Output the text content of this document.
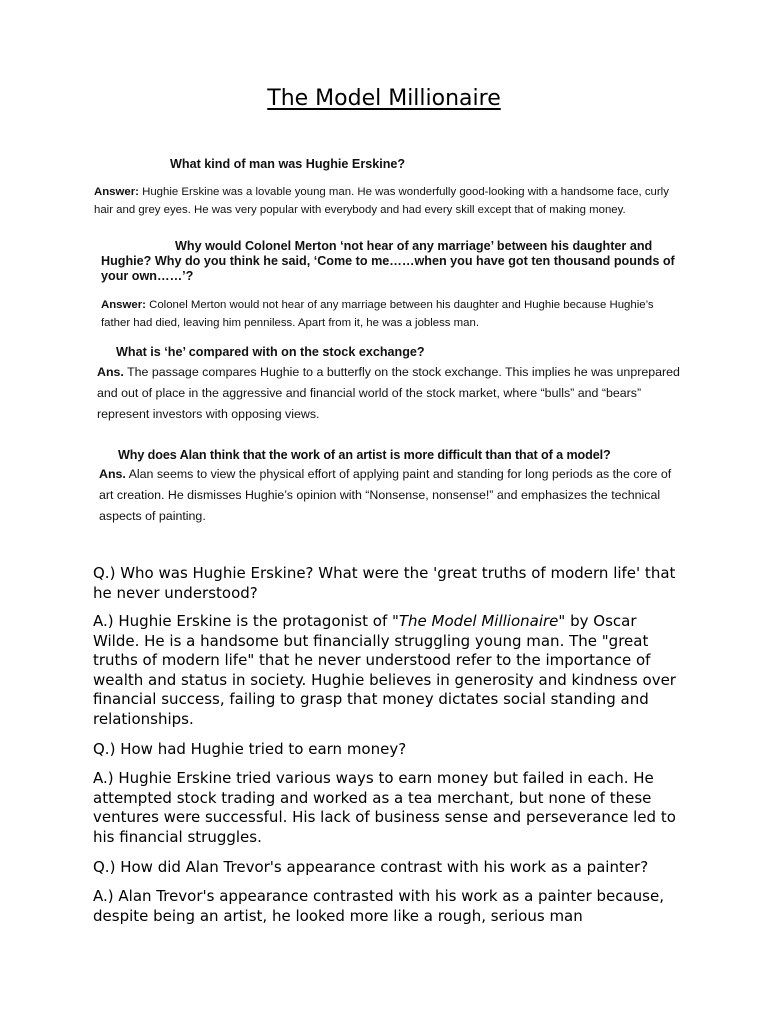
The Model Millionaire
What kind of man was Hughie Erskine?
Answer: Hughie Erskine was a lovable young man. He was wonderfully good-looking with a handsome face, curly hair and grey eyes. He was very popular with everybody and had every skill except that of making money.
Why would Colonel Merton ‘not hear of any marriage’ between his daughter and Hughie? Why do you think he said, ‘Come to me……when you have got ten thousand pounds of your own……’?
Answer: Colonel Merton would not hear of any marriage between his daughter and Hughie because Hughie’s father had died, leaving him penniless. Apart from it, he was a jobless man.
What is ‘he’ compared with on the stock exchange?
Ans. The passage compares Hughie to a butterfly on the stock exchange. This implies he was unprepared and out of place in the aggressive and financial world of the stock market, where “bulls” and “bears” represent investors with opposing views.
Why does Alan think that the work of an artist is more difficult than that of a model?
Ans. Alan seems to view the physical effort of applying paint and standing for long periods as the core of art creation. He dismisses Hughie’s opinion with “Nonsense, nonsense!” and emphasizes the technical aspects of painting.

Q.) Who was Hughie Erskine? What were the 'great truths of modern life' that he never understood?

A.) Hughie Erskine is the protagonist of "The Model Millionaire" by Oscar Wilde. He is a handsome but financially struggling young man. The "great truths of modern life" that he never understood refer to the importance of wealth and status in society. Hughie believes in generosity and kindness over financial success, failing to grasp that money dictates social standing and relationships.

Q.) How had Hughie tried to earn money?

A.) Hughie Erskine tried various ways to earn money but failed in each. He attempted stock trading and worked as a tea merchant, but none of these ventures were successful. His lack of business sense and perseverance led to his financial struggles.

Q.) How did Alan Trevor's appearance contrast with his work as a painter?

A.) Alan Trevor's appearance contrasted with his work as a painter because, despite being an artist, he looked more like a rough, serious man
